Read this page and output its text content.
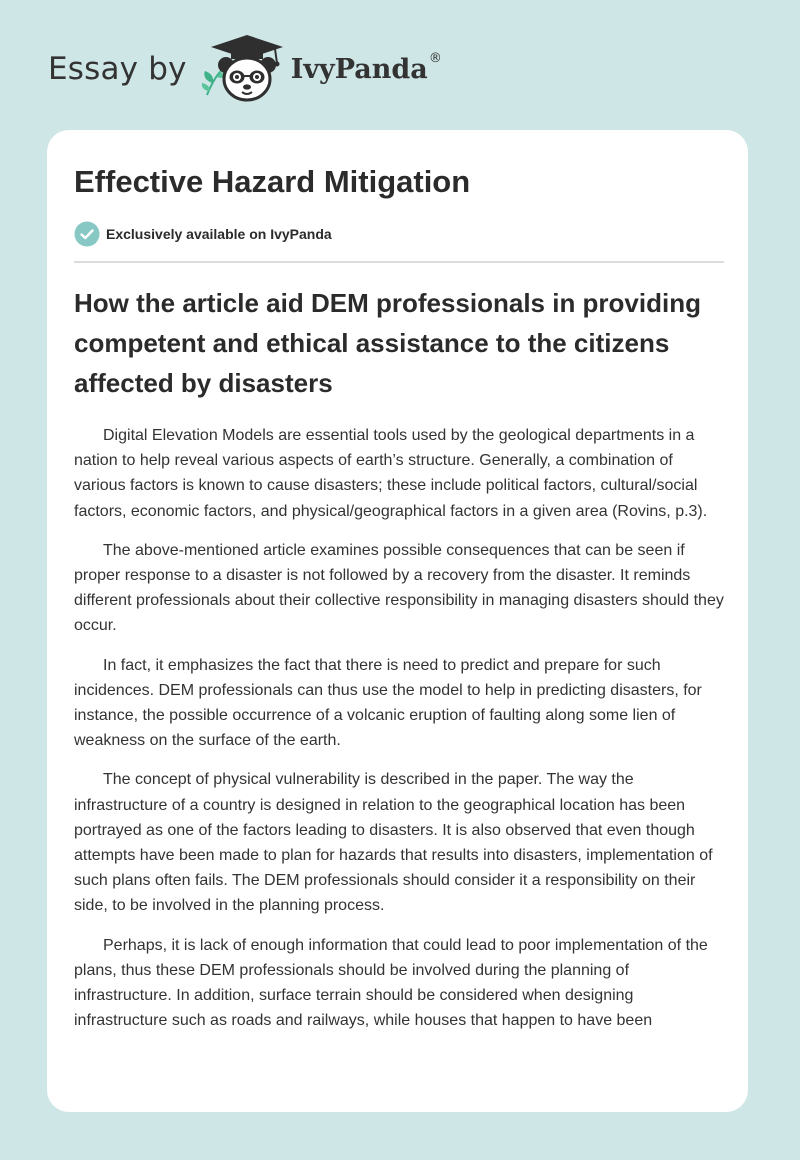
Essay by	IvyPanda ®
Effective Hazard Mitigation
Exclusively available on IvyPanda
How the article aid DEM professionals in providing competent and ethical assistance to the citizens affected by disasters

Digital Elevation Models are essential tools used by the geological departments in a nation to help reveal various aspects of earth’s structure. Generally, a combination of various factors is known to cause disasters; these include political factors, cultural/social factors, economic factors, and physical/geographical factors in a given area (Rovins, p.3).

The above-mentioned article examines possible consequences that can be seen if proper response to a disaster is not followed by a recovery from the disaster. It reminds different professionals about their collective responsibility in managing disasters should they occur.

In fact, it emphasizes the fact that there is need to predict and prepare for such incidences. DEM professionals can thus use the model to help in predicting disasters, for instance, the possible occurrence of a volcanic eruption of faulting along some lien of weakness on the surface of the earth.

The concept of physical vulnerability is described in the paper. The way the infrastructure of a country is designed in relation to the geographical location has been portrayed as one of the factors leading to disasters. It is also observed that even though attempts have been made to plan for hazards that results into disasters, implementation of such plans often fails. The DEM professionals should consider it a responsibility on their side, to be involved in the planning process.

Perhaps, it is lack of enough information that could lead to poor implementation of the plans, thus these DEM professionals should be involved during the planning of infrastructure. In addition, surface terrain should be considered when designing infrastructure such as roads and railways, while houses that happen to have been
